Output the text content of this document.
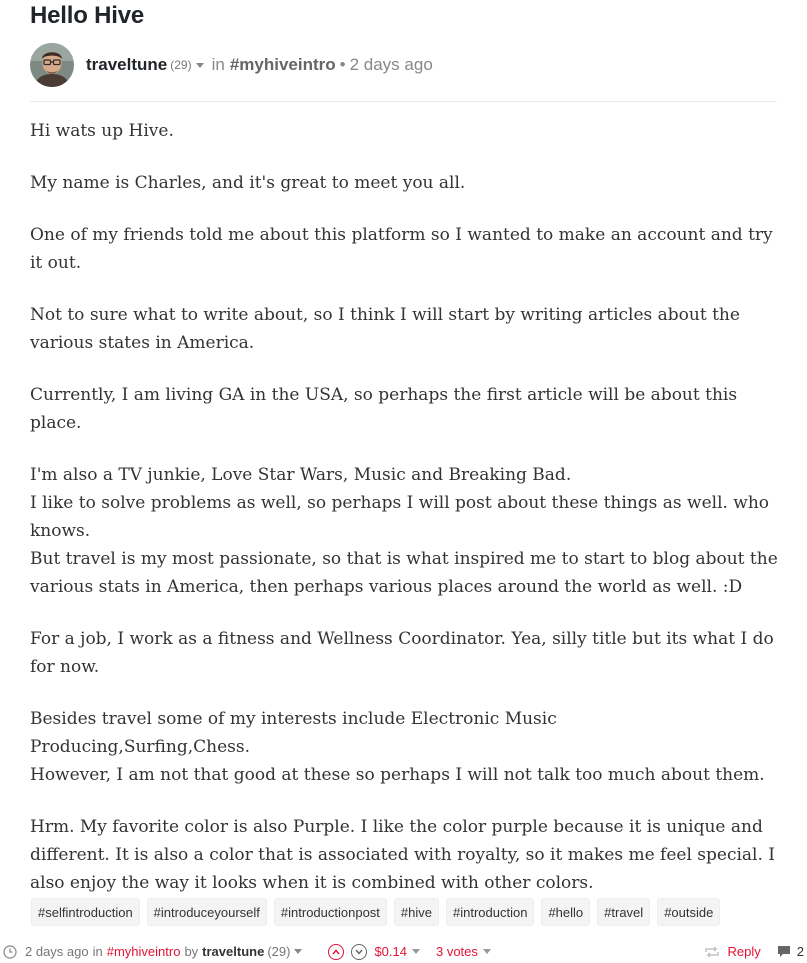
Hello Hive
traveltune (29) in #myhiveintro • 2 days ago

Hi wats up Hive.

My name is Charles, and it's great to meet you all.

One of my friends told me about this platform so I wanted to make an account and try it out.

Not to sure what to write about, so I think I will start by writing articles about the various states in America.

Currently, I am living GA in the USA, so perhaps the first article will be about this place.

I'm also a TV junkie, Love Star Wars, Music and Breaking Bad.
I like to solve problems as well, so perhaps I will post about these things as well. who knows.
But travel is my most passionate, so that is what inspired me to start to blog about the various stats in America, then perhaps various places around the world as well. :D

For a job, I work as a fitness and Wellness Coordinator. Yea, silly title but its what I do for now.

Besides travel some of my interests include Electronic Music Producing,Surfing,Chess.
However, I am not that good at these so perhaps I will not talk too much about them.

Hrm. My favorite color is also Purple. I like the color purple because it is unique and different. It is also a color that is associated with royalty, so it makes me feel special. I also enjoy the way it looks when it is combined with other colors.

#selfintroduction	#introduceyourself	#introductionpost	#hive	#introduction	#hello	#travel	#outside
2 days ago in #myhiveintro by traveltune (29)	$0.14 3 votes	Reply	2
